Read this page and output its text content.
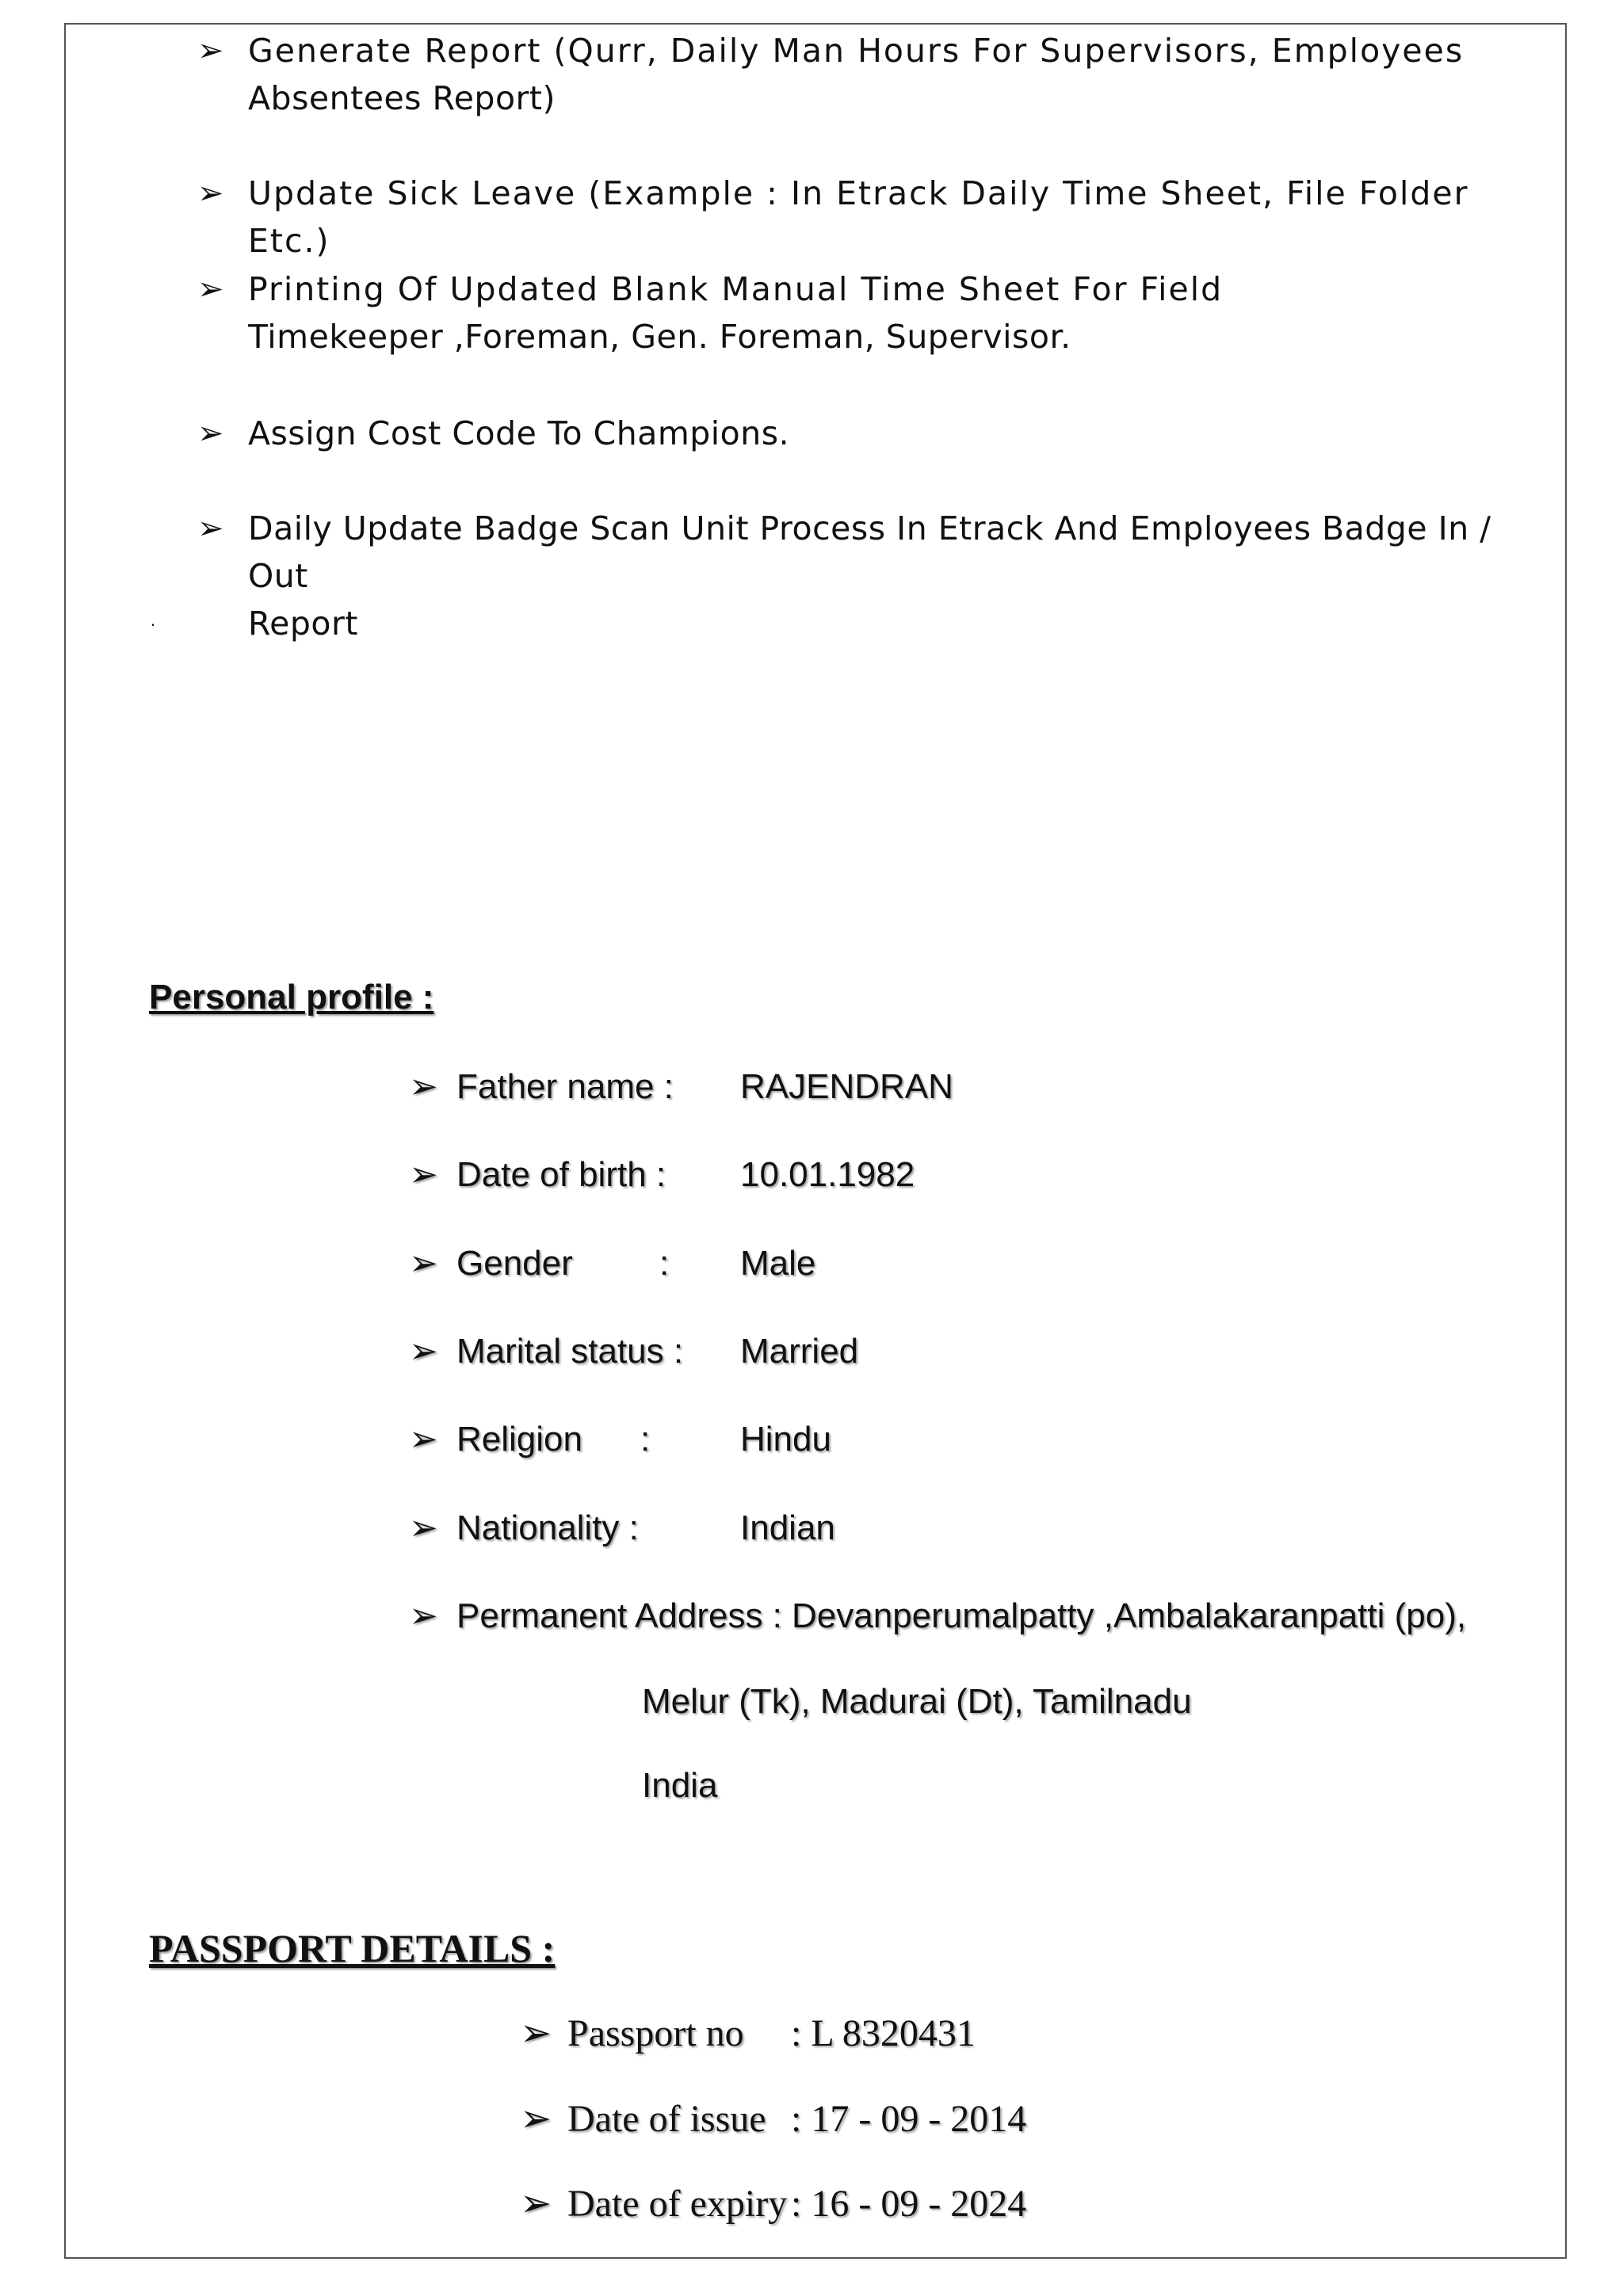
➢ Generate Report (Qurr, Daily Man Hours For Supervisors, Employees
Absentees Report)
➢ Update Sick Leave (Example : In Etrack Daily Time Sheet, File Folder Etc.)
➢ Printing Of Updated Blank Manual Time Sheet For Field
Timekeeper ,Foreman, Gen. Foreman, Supervisor.
➢ Assign Cost Code To Champions.
➢ Daily Update Badge Scan Unit Process In Etrack And Employees Badge In / Out
Report
.
Personal profile :
➢ Father name : RAJENDRAN
➢ Date of birth : 10.01.1982
➢ Gender : Male
➢ Marital status : Married
➢ Religion :	Hindu
➢ Nationality :	Indian
➢ Permanent Address : Devanperumalpatty ,Ambalakaranpatti (po),
Melur (Tk), Madurai (Dt), Tamilnadu
India
PASSPORT DETAILS :
➢ Passport no : L 8320431
➢ Date of issue : 17 - 09 - 2014
➢ Date of expiry : 16 - 09 - 2024
